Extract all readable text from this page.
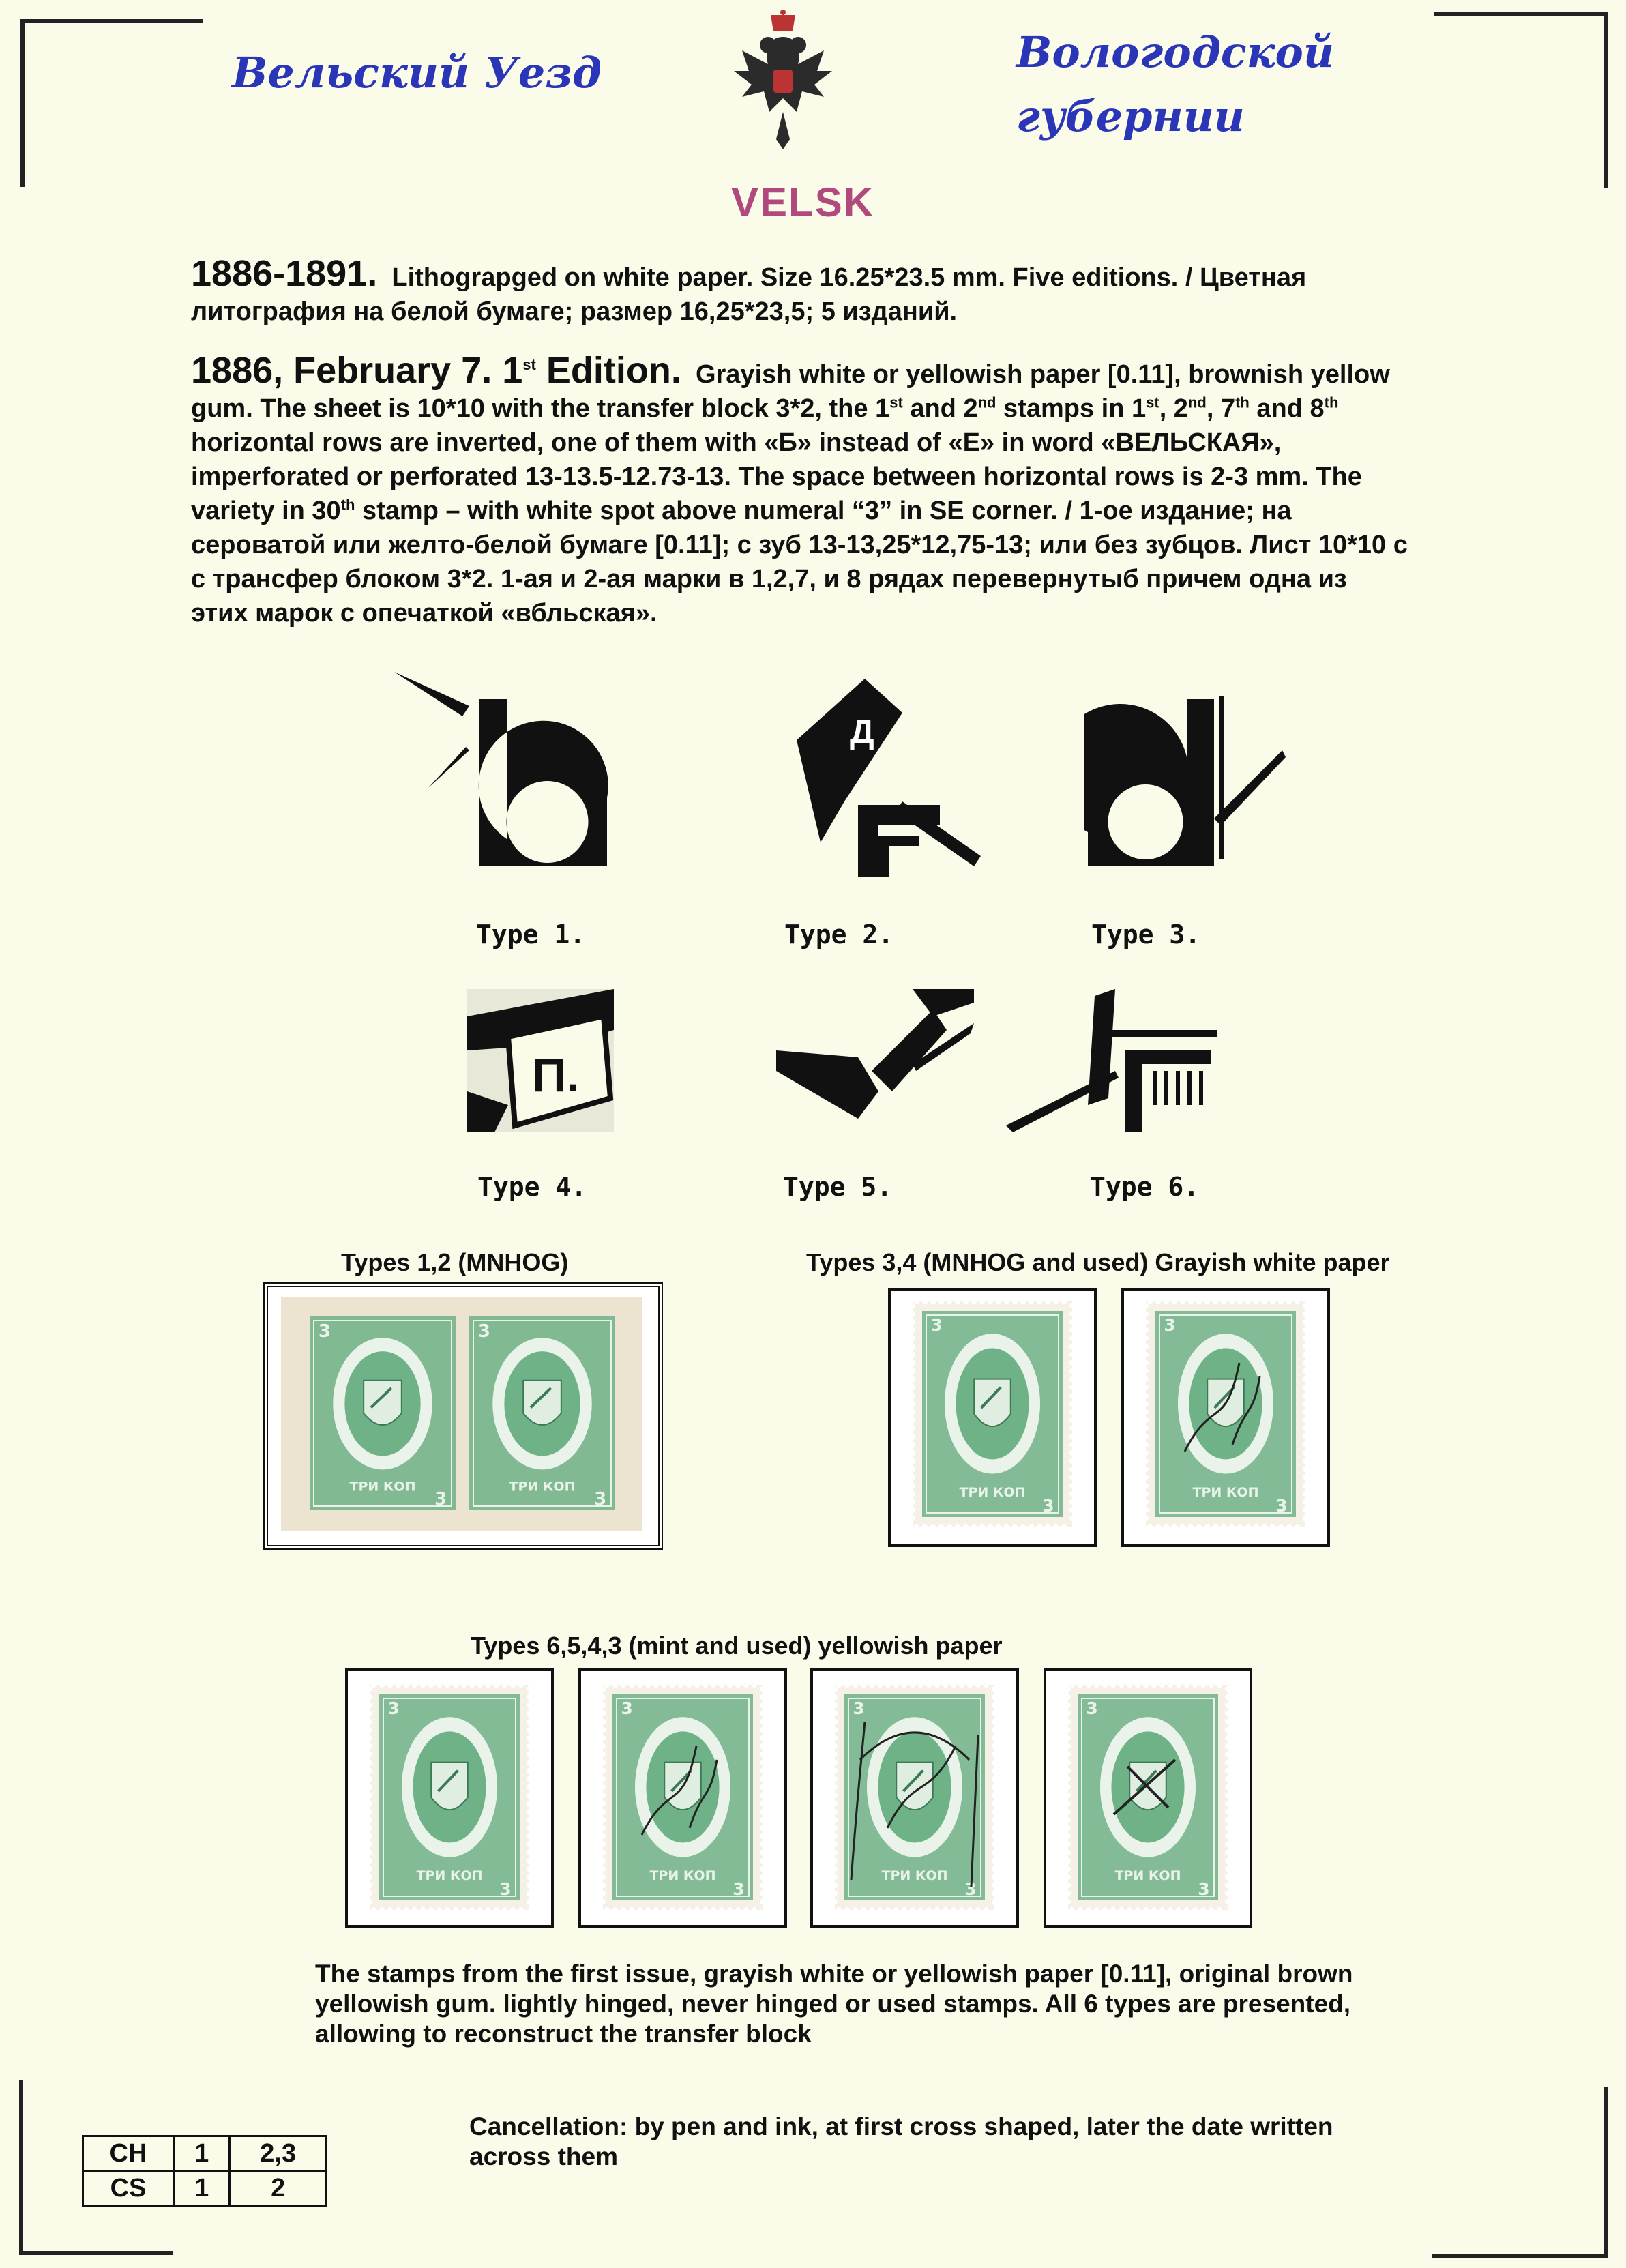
Вельский Уезд	Вологодской
губернии
VELSK
1886-1891. Lithograpged on white paper. Size 16.25*23.5 mm. Five editions. / Цветная
литография на белой бумаге; размер 16,25*23,5; 5 изданий.
1886, February 7. 1st Edition. Grayish white or yellowish paper [0.11], brownish yellow
gum. The sheet is 10*10 with the transfer block 3*2, the 1st and 2nd stamps in 1st, 2nd, 7th and 8th
horizontal rows are inverted, one of them with «Б» instead of «Е» in word «ВЕЛЬСКАЯ»,
imperforated or perforated 13-13.5-12.73-13. The space between horizontal rows is 2-3 mm. The
variety in 30th stamp – with white spot above numeral “3” in SE corner. / 1-ое издание; на
сероватой или желто-белой бумаге [0.11]; с зуб 13-13,25*12,75-13; или без зубцов. Лист 10*10 с
с трансфер блоком 3*2. 1-ая и 2-ая марки в 1,2,7, и 8 рядах перевернутыб причем одна из
этих марок с опечаткой «вбльская».
Д
Type 1.	Type 2.	Type 3.
П.
Type 4.	Type 5.	Type 6.
Types 1,2 (MNHOG)	Types 3,4 (MNHOG and used) Grayish white paper
Types 6,5,4,3 (mint and used) yellowish paper
3
3
ТРИ КОП
3
3
ТРИ КОП
3
3
ТРИ КОП
3
3
ТРИ КОП
3
3
ТРИ КОП
3
3
ТРИ КОП
3
3
ТРИ КОП
3
3
ТРИ КОП
The stamps from the first issue, grayish white or yellowish paper [0.11], original brown
yellowish gum. lightly hinged, never hinged or used stamps. All 6 types are presented,
allowing to reconstruct the transfer block
CH	1	2,3
CS	1	2
Cancellation: by pen and ink, at first cross shaped, later the date written
across them
